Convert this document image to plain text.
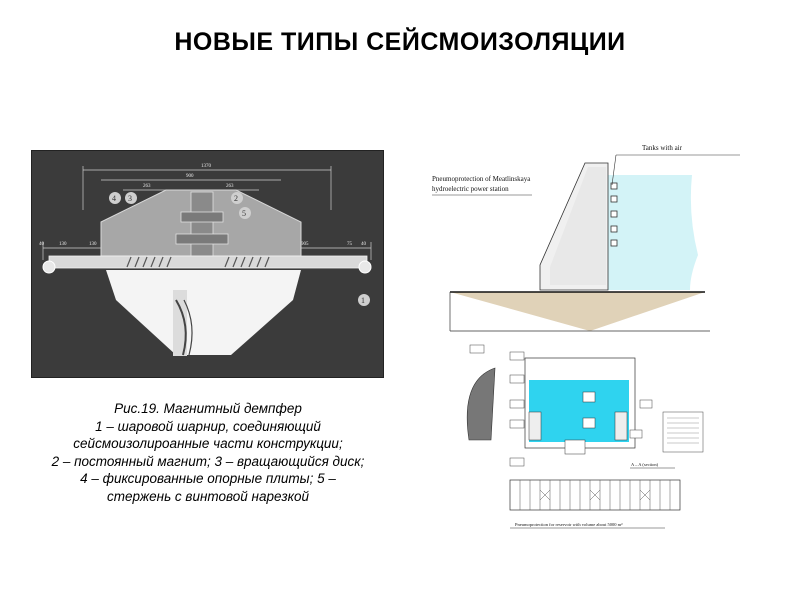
НОВЫЕ ТИПЫ СЕЙСМОИЗОЛЯЦИИ
1370
900
263	263
40	130	130	905	75 40
4 3	2
5
1
Рис.19. Магнитный демпфер
1 – шаровой шарнир, соединяющий
сейсмоизолироанные части конструкции;
2 – постоянный магнит; 3 – вращающийся диск;
4 – фиксированные опорные плиты; 5 –
стержень с винтовой нарезкой
Tanks with air
Pneumoprotection of Meatlinskaya
hydroelectric power station
A – A (section)
Pneumoprotection for reservoir with volume about 5000 m³
